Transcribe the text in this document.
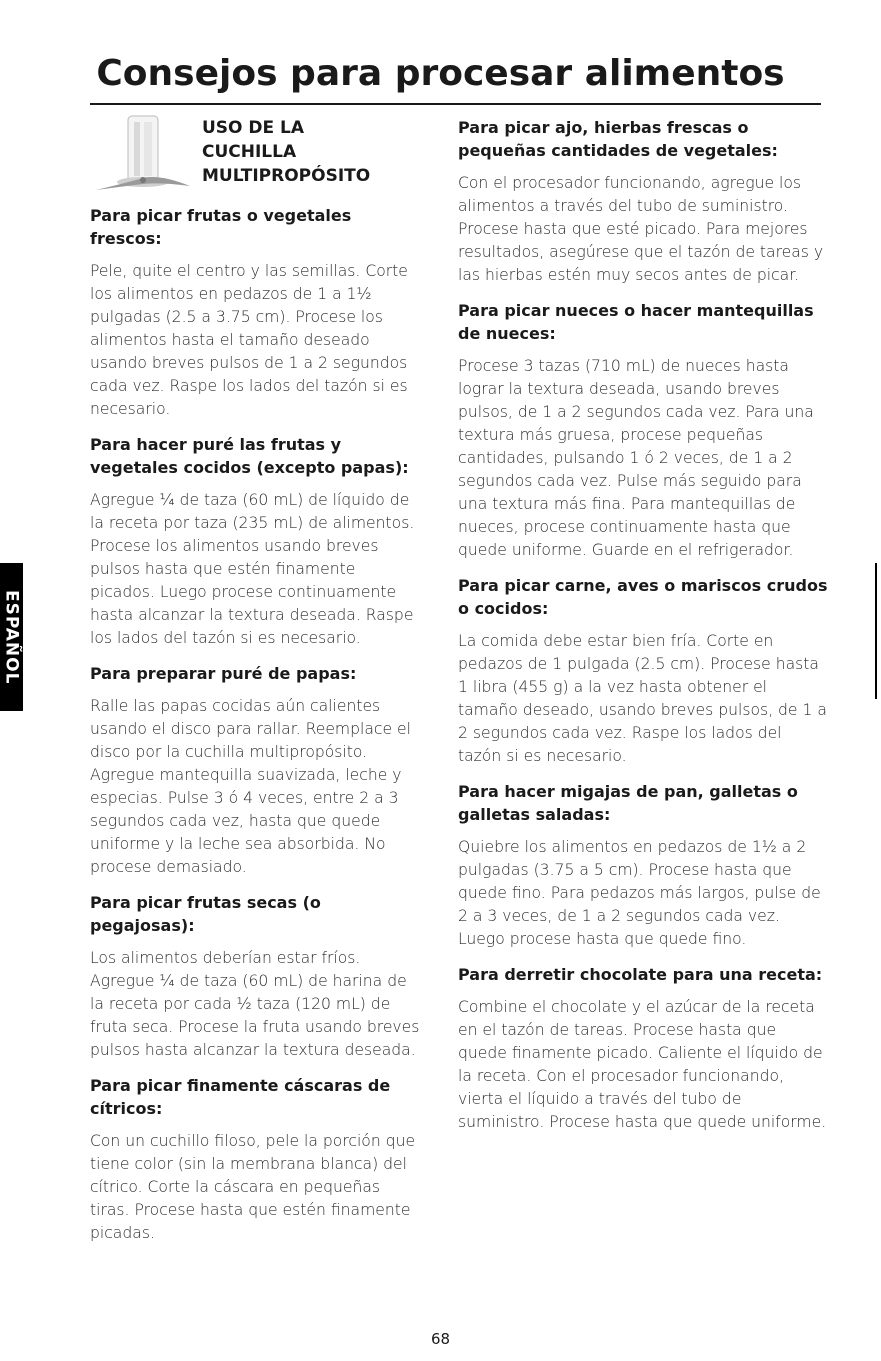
Consejos para procesar alimentos
USO DE LA
CUCHILLA
MULTIPROPÓSITO
Para picar frutas o vegetales frescos:

Pele, quite el centro y las semillas. Corte los alimentos en pedazos de 1 a 1½ pulgadas (2.5 a 3.75 cm). Procese los alimentos hasta el tamaño deseado usando breves pulsos de 1 a 2 segundos cada vez. Raspe los lados del tazón si es necesario.

Para hacer puré las frutas y vegetales cocidos (excepto papas):

Agregue ¼ de taza (60 mL) de líquido de la receta por taza (235 mL) de alimentos. Procese los alimentos usando breves pulsos hasta que estén finamente picados. Luego procese continuamente hasta alcanzar la textura deseada. Raspe los lados del tazón si es necesario.

Para preparar puré de papas:

Ralle las papas cocidas aún calientes usando el disco para rallar. Reemplace el disco por la cuchilla multipropósito. Agregue mantequilla suavizada, leche y especias. Pulse 3 ó 4 veces, entre 2 a 3 segundos cada vez, hasta que quede uniforme y la leche sea absorbida. No procese demasiado.

Para picar frutas secas (o pegajosas):

Los alimentos deberían estar fríos. Agregue ¼ de taza (60 mL) de harina de la receta por cada ½ taza (120 mL) de fruta seca. Procese la fruta usando breves pulsos hasta alcanzar la textura deseada.

Para picar finamente cáscaras de cítricos:

Con un cuchillo filoso, pele la porción que tiene color (sin la membrana blanca) del cítrico. Corte la cáscara en pequeñas tiras. Procese hasta que estén finamente picadas.

Para picar ajo, hierbas frescas o pequeñas cantidades de vegetales:

Con el procesador funcionando, agregue los alimentos a través del tubo de suministro. Procese hasta que esté picado. Para mejores resultados, asegúrese que el tazón de tareas y las hierbas estén muy secos antes de picar.

Para picar nueces o hacer mantequillas de nueces:

Procese 3 tazas (710 mL) de nueces hasta lograr la textura deseada, usando breves pulsos, de 1 a 2 segundos cada vez. Para una textura más gruesa, procese pequeñas cantidades, pulsando 1 ó 2 veces, de 1 a 2 segundos cada vez. Pulse más seguido para una textura más fina. Para mantequillas de nueces, procese continuamente hasta que quede uniforme. Guarde en el refrigerador.

Para picar carne, aves o mariscos crudos o cocidos:

La comida debe estar bien fría. Corte en pedazos de 1 pulgada (2.5 cm). Procese hasta 1 libra (455 g) a la vez hasta obtener el tamaño deseado, usando breves pulsos, de 1 a 2 segundos cada vez. Raspe los lados del tazón si es necesario.

Para hacer migajas de pan, galletas o galletas saladas:

Quiebre los alimentos en pedazos de 1½ a 2 pulgadas (3.75 a 5 cm). Procese hasta que quede fino. Para pedazos más largos, pulse de 2 a 3 veces, de 1 a 2 segundos cada vez. Luego procese hasta que quede fino.

Para derretir chocolate para una receta:

Combine el chocolate y el azúcar de la receta en el tazón de tareas. Procese hasta que quede finamente picado. Caliente el líquido de la receta. Con el procesador funcionando, vierta el líquido a través del tubo de suministro. Procese hasta que quede uniforme.

ESPAÑOL
68
